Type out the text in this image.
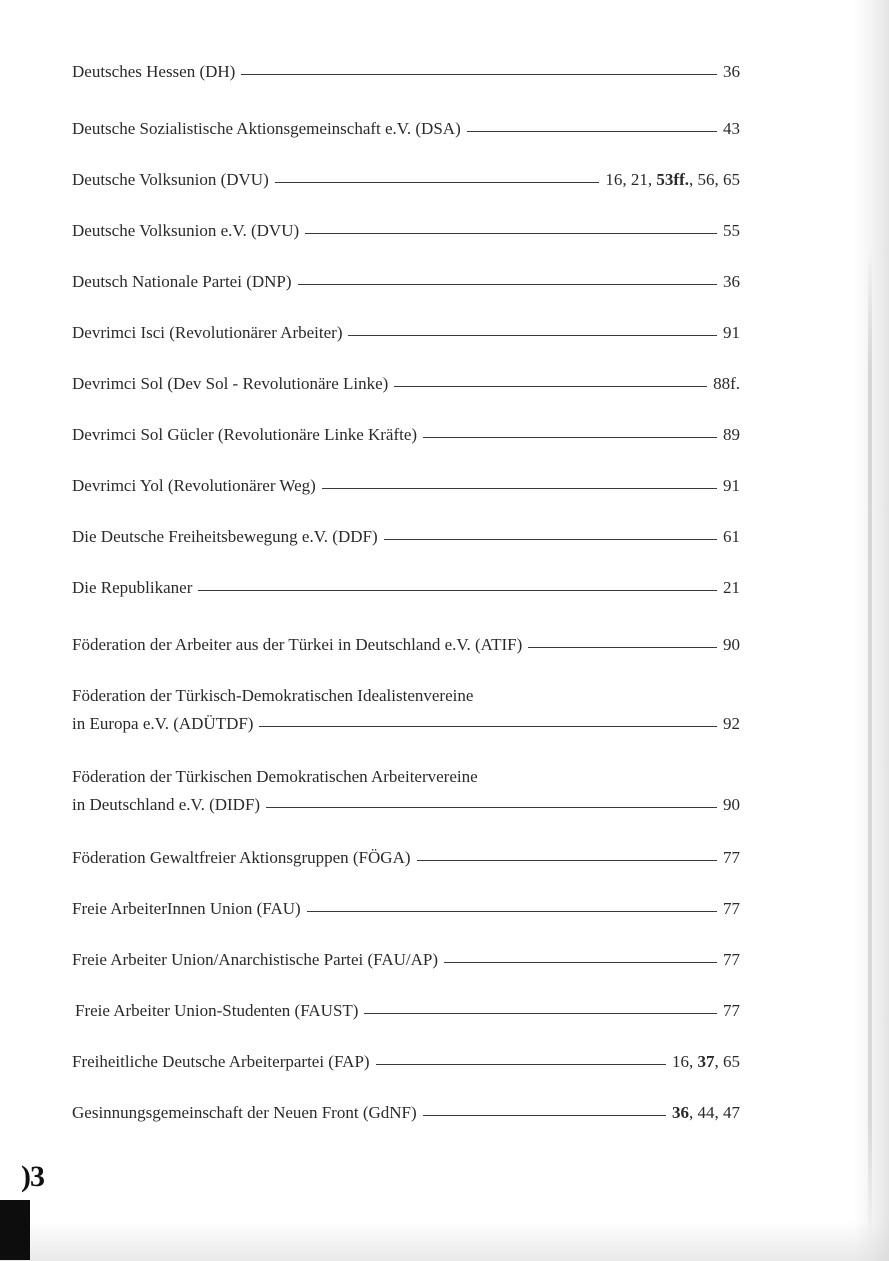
Deutsches Hessen (DH)	36
Deutsche Sozialistische Aktionsgemeinschaft e.V. (DSA)	43
Deutsche Volksunion (DVU)	16, 21, 53ff., 56, 65
Deutsche Volksunion e.V. (DVU)	55
Deutsch Nationale Partei (DNP)	36
Devrimci Isci (Revolutionärer Arbeiter)	91
Devrimci Sol (Dev Sol - Revolutionäre Linke)	88f.
Devrimci Sol Gücler (Revolutionäre Linke Kräfte)	89
Devrimci Yol (Revolutionärer Weg)	91
Die Deutsche Freiheitsbewegung e.V. (DDF)	61
Die Republikaner	21
Föderation der Arbeiter aus der Türkei in Deutschland e.V. (ATIF)	90
Föderation der Türkisch-Demokratischen Idealistenvereine
in Europa e.V. (ADÜTDF)	92
Föderation der Türkischen Demokratischen Arbeitervereine
in Deutschland e.V. (DIDF)	90
Föderation Gewaltfreier Aktionsgruppen (FÖGA)	77
Freie ArbeiterInnen Union (FAU)	77
Freie Arbeiter Union/Anarchistische Partei (FAU/AP)	77
Freie Arbeiter Union-Studenten (FAUST)	77
Freiheitliche Deutsche Arbeiterpartei (FAP)	16, 37, 65
Gesinnungsgemeinschaft der Neuen Front (GdNF)	36, 44, 47
)3
